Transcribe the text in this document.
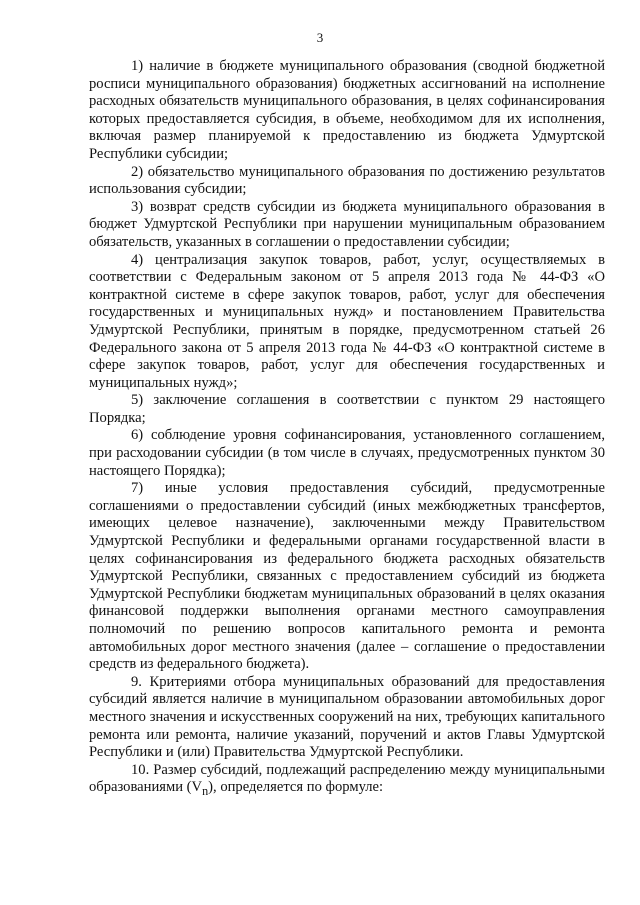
3

1) наличие в бюджете муниципального образования (сводной бюджетной росписи муниципального образования) бюджетных ассигнований на исполнение расходных обязательств муниципального образования, в целях софинансирования которых предоставляется субсидия, в объеме, необходимом для их исполнения, включая размер планируемой к предоставлению из бюджета Удмуртской Республики субсидии;

2) обязательство муниципального образования по достижению результатов использования субсидии;

3) возврат средств субсидии из бюджета муниципального образования в бюджет Удмуртской Республики при нарушении муниципальным образованием обязательств, указанных в соглашении о предоставлении субсидии;

4) централизация закупок товаров, работ, услуг, осуществляемых в соответствии с Федеральным законом от 5 апреля 2013 года № 44-ФЗ «О контрактной системе в сфере закупок товаров, работ, услуг для обеспечения государственных и муниципальных нужд» и постановлением Правительства Удмуртской Республики, принятым в порядке, предусмотренном статьей 26 Федерального закона от 5 апреля 2013 года № 44-ФЗ «О контрактной системе в сфере закупок товаров, работ, услуг для обеспечения государственных и муниципальных нужд»;

5) заключение соглашения в соответствии с пунктом 29 настоящего Порядка;

6) соблюдение уровня софинансирования, установленного соглашением, при расходовании субсидии (в том числе в случаях, предусмотренных пунктом 30 настоящего Порядка);

7) иные условия предоставления субсидий, предусмотренные соглашениями о предоставлении субсидий (иных межбюджетных трансфертов, имеющих целевое назначение), заключенными между Правительством Удмуртской Республики и федеральными органами государственной власти в целях софинансирования из федерального бюджета расходных обязательств Удмуртской Республики, связанных с предоставлением субсидий из бюджета Удмуртской Республики бюджетам муниципальных образований в целях оказания финансовой поддержки выполнения органами местного самоуправления полномочий по решению вопросов капитального ремонта и ремонта автомобильных дорог местного значения (далее – соглашение о предоставлении средств из федерального бюджета).

9. Критериями отбора муниципальных образований для предоставления субсидий является наличие в муниципальном образовании автомобильных дорог местного значения и искусственных сооружений на них, требующих капитального ремонта или ремонта, наличие указаний, поручений и актов Главы Удмуртской Республики и (или) Правительства Удмуртской Республики.

10. Размер субсидий, подлежащий распределению между муниципальными образованиями $(V_n)$, определяется по формуле:
